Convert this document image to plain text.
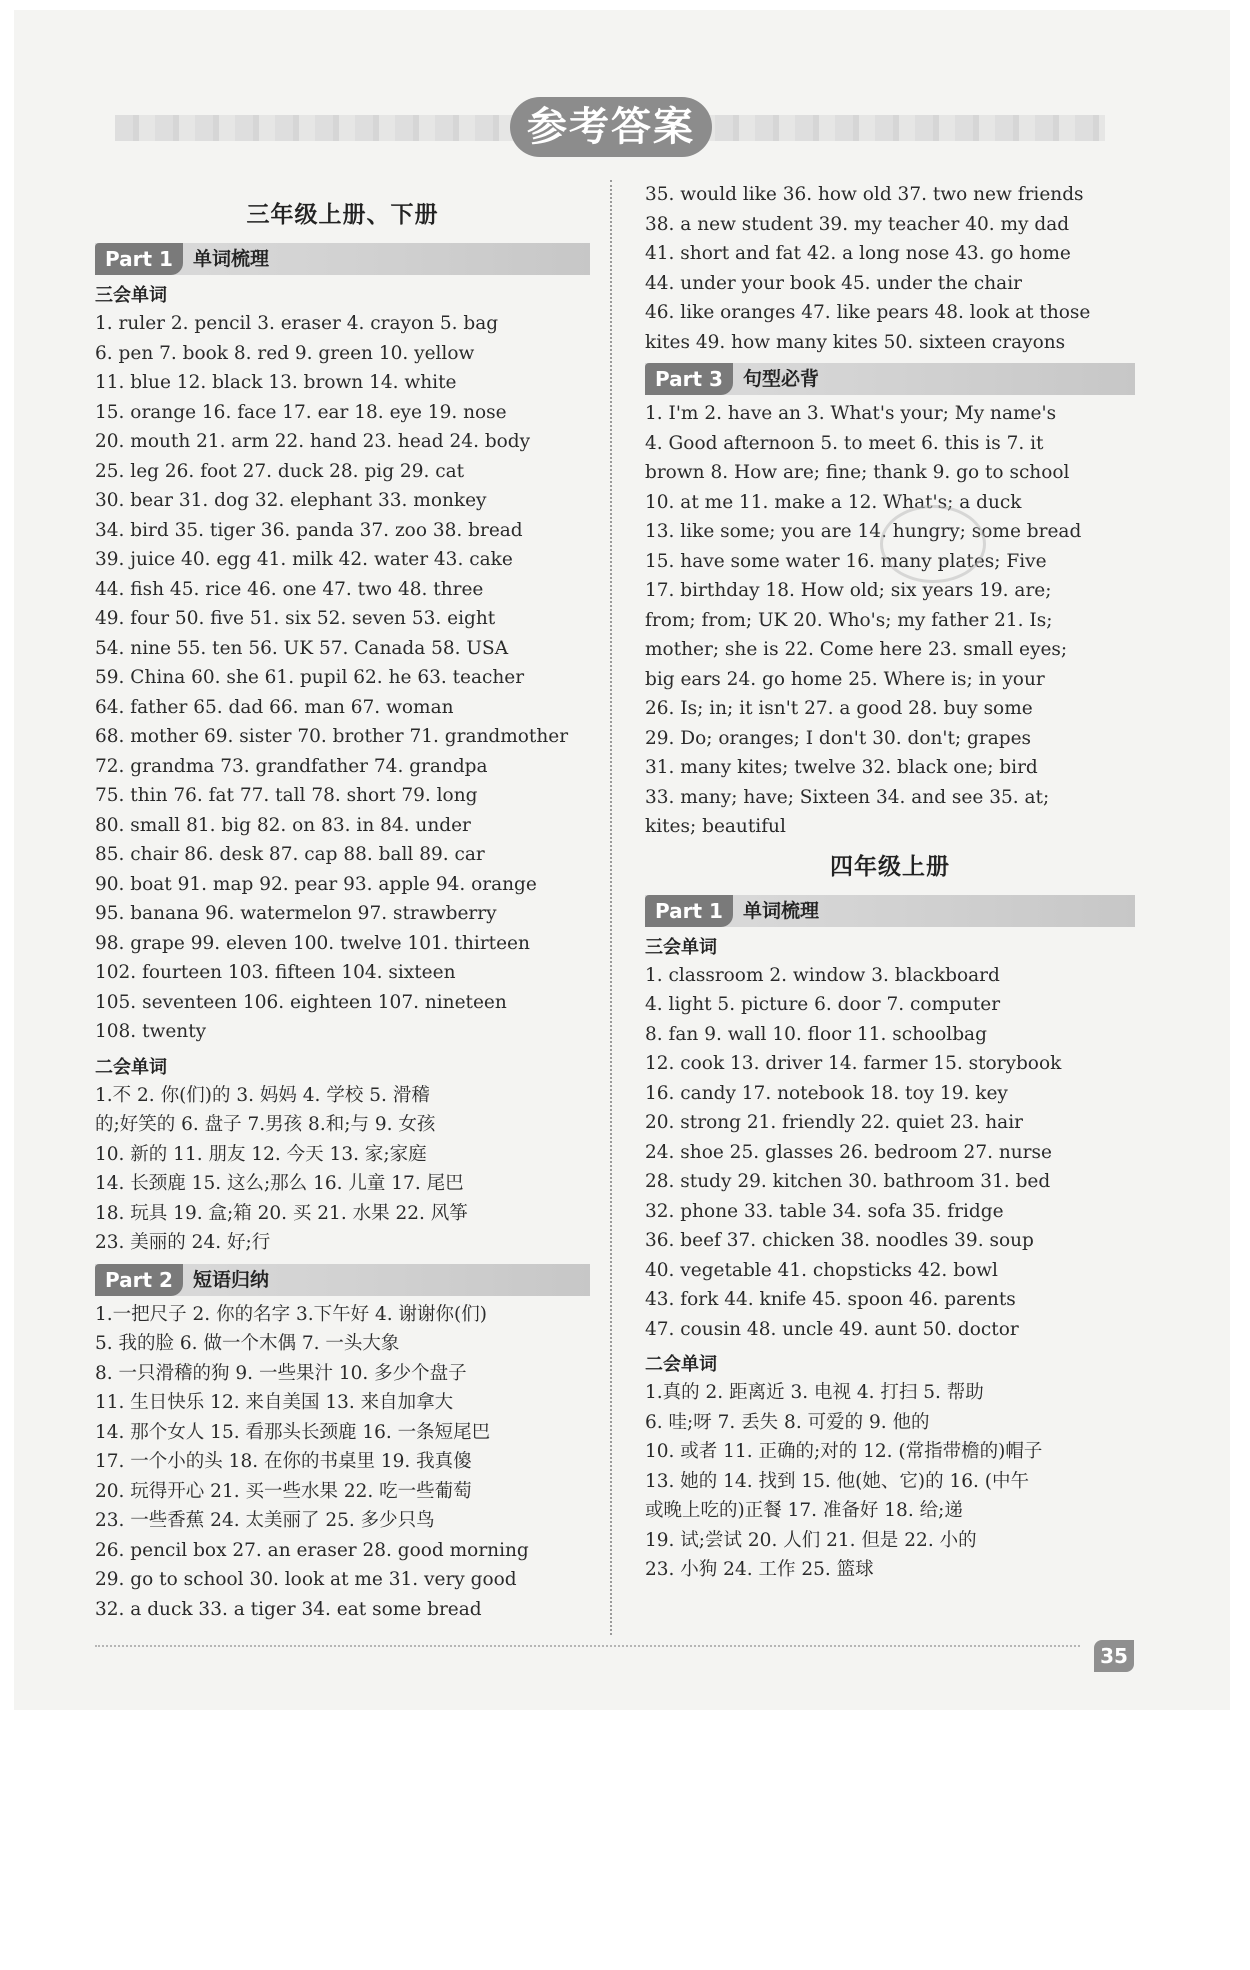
参考答案
三年级上册、下册
Part 1	单词梳理
三会单词

1. ruler 2. pencil 3. eraser 4. crayon 5. bag

6. pen 7. book 8. red 9. green 10. yellow

11. blue 12. black 13. brown 14. white

15. orange 16. face 17. ear 18. eye 19. nose

20. mouth 21. arm 22. hand 23. head 24. body

25. leg 26. foot 27. duck 28. pig 29. cat

30. bear 31. dog 32. elephant 33. monkey

34. bird 35. tiger 36. panda 37. zoo 38. bread

39. juice 40. egg 41. milk 42. water 43. cake

44. fish 45. rice 46. one 47. two 48. three

49. four 50. five 51. six 52. seven 53. eight

54. nine 55. ten 56. UK 57. Canada 58. USA

59. China 60. she 61. pupil 62. he 63. teacher

64. father 65. dad 66. man 67. woman

68. mother 69. sister 70. brother 71. grandmother

72. grandma 73. grandfather 74. grandpa

75. thin 76. fat 77. tall 78. short 79. long

80. small 81. big 82. on 83. in 84. under

85. chair 86. desk 87. cap 88. ball 89. car

90. boat 91. map 92. pear 93. apple 94. orange

95. banana 96. watermelon 97. strawberry

98. grape 99. eleven 100. twelve 101. thirteen

102. fourteen 103. fifteen 104. sixteen

105. seventeen 106. eighteen 107. nineteen

108. twenty

二会单词

1.不 2. 你(们)的 3. 妈妈 4. 学校 5. 滑稽

的;好笑的 6. 盘子 7.男孩 8.和;与 9. 女孩

10. 新的 11. 朋友 12. 今天 13. 家;家庭

14. 长颈鹿 15. 这么;那么 16. 儿童 17. 尾巴

18. 玩具 19. 盒;箱 20. 买 21. 水果 22. 风筝

23. 美丽的 24. 好;行

Part 2	短语归纳

1.一把尺子 2. 你的名字 3.下午好 4. 谢谢你(们)

5. 我的脸 6. 做一个木偶 7. 一头大象

8. 一只滑稽的狗 9. 一些果汁 10. 多少个盘子

11. 生日快乐 12. 来自美国 13. 来自加拿大

14. 那个女人 15. 看那头长颈鹿 16. 一条短尾巴

17. 一个小的头 18. 在你的书桌里 19. 我真傻

20. 玩得开心 21. 买一些水果 22. 吃一些葡萄

23. 一些香蕉 24. 太美丽了 25. 多少只鸟

26. pencil box 27. an eraser 28. good morning

29. go to school 30. look at me 31. very good

32. a duck 33. a tiger 34. eat some bread

35. would like 36. how old 37. two new friends

38. a new student 39. my teacher 40. my dad

41. short and fat 42. a long nose 43. go home

44. under your book 45. under the chair

46. like oranges 47. like pears 48. look at those

kites 49. how many kites 50. sixteen crayons

Part 3	句型必背

1. I'm 2. have an 3. What's your; My name's

4. Good afternoon 5. to meet 6. this is 7. it

brown 8. How are; fine; thank 9. go to school

10. at me 11. make a 12. What's; a duck

13. like some; you are 14. hungry; some bread

15. have some water 16. many plates; Five

17. birthday 18. How old; six years 19. are;

from; from; UK 20. Who's; my father 21. Is;

mother; she is 22. Come here 23. small eyes;

big ears 24. go home 25. Where is; in your

26. Is; in; it isn't 27. a good 28. buy some

29. Do; oranges; I don't 30. don't; grapes

31. many kites; twelve 32. black one; bird

33. many; have; Sixteen 34. and see 35. at;

kites; beautiful

四年级上册
Part 1	单词梳理
三会单词

1. classroom 2. window 3. blackboard

4. light 5. picture 6. door 7. computer

8. fan 9. wall 10. floor 11. schoolbag

12. cook 13. driver 14. farmer 15. storybook

16. candy 17. notebook 18. toy 19. key

20. strong 21. friendly 22. quiet 23. hair

24. shoe 25. glasses 26. bedroom 27. nurse

28. study 29. kitchen 30. bathroom 31. bed

32. phone 33. table 34. sofa 35. fridge

36. beef 37. chicken 38. noodles 39. soup

40. vegetable 41. chopsticks 42. bowl

43. fork 44. knife 45. spoon 46. parents

47. cousin 48. uncle 49. aunt 50. doctor

二会单词

1.真的 2. 距离近 3. 电视 4. 打扫 5. 帮助

6. 哇;呀 7. 丢失 8. 可爱的 9. 他的

10. 或者 11. 正确的;对的 12. (常指带檐的)帽子

13. 她的 14. 找到 15. 他(她、它)的 16. (中午

或晚上吃的)正餐 17. 准备好 18. 给;递

19. 试;尝试 20. 人们 21. 但是 22. 小的

23. 小狗 24. 工作 25. 篮球

35
